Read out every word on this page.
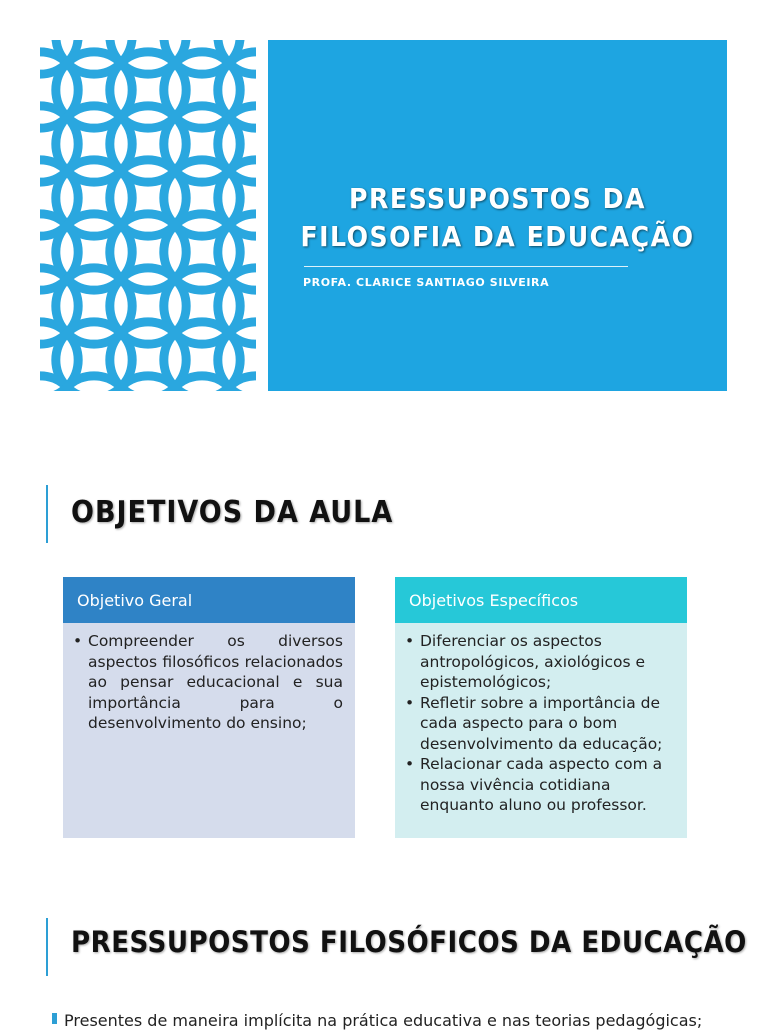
PRESSUPOSTOS DA
FILOSOFIA DA EDUCAÇÃO
PROFA. CLARICE SANTIAGO SILVEIRA
OBJETIVOS DA AULA
Objetivo Geral
• Compreender os diversos aspectos filosóficos relacionados ao pensar educacional e sua importância para o desenvolvimento do ensino;
Objetivos Específicos
• Diferenciar os aspectos antropológicos, axiológicos e epistemológicos;
• Refletir sobre a importância de cada aspecto para o bom desenvolvimento da educação;
• Relacionar cada aspecto com a nossa vivência cotidiana enquanto aluno ou professor.
PRESSUPOSTOS FILOSÓFICOS DA EDUCAÇÃO
Presentes de maneira implícita na prática educativa e nas teorias pedagógicas;
